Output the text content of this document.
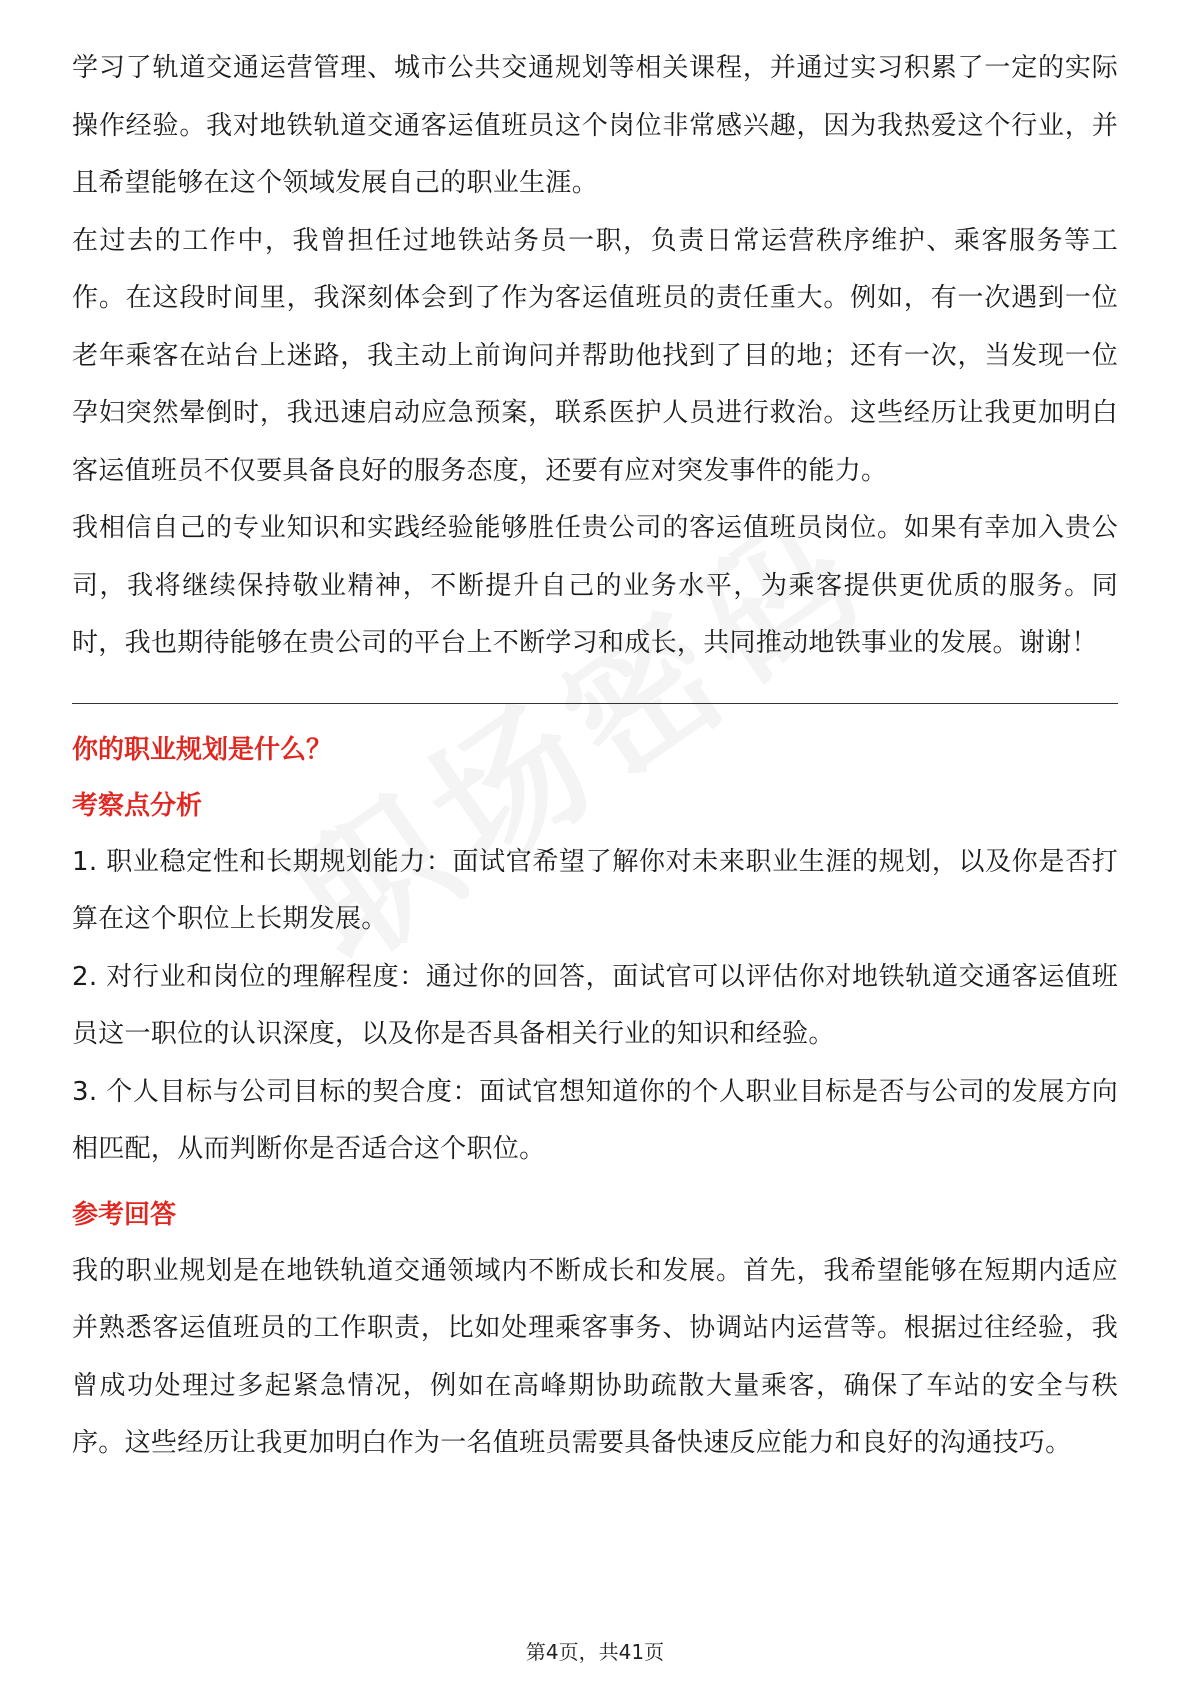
学习了轨道交通运营管理、城市公共交通规划等相关课程，并通过实习积累了一定的实际操作经验。我对地铁轨道交通客运值班员这个岗位非常感兴趣，因为我热爱这个行业，并且希望能够在这个领域发展自己的职业生涯。

在过去的工作中，我曾担任过地铁站务员一职，负责日常运营秩序维护、乘客服务等工作。在这段时间里，我深刻体会到了作为客运值班员的责任重大。例如，有一次遇到一位老年乘客在站台上迷路，我主动上前询问并帮助他找到了目的地；还有一次，当发现一位孕妇突然晕倒时，我迅速启动应急预案，联系医护人员进行救治。这些经历让我更加明白客运值班员不仅要具备良好的服务态度，还要有应对突发事件的能力。

我相信自己的专业知识和实践经验能够胜任贵公司的客运值班员岗位。如果有幸加入贵公司，我将继续保持敬业精神，不断提升自己的业务水平，为乘客提供更优质的服务。同时，我也期待能够在贵公司的平台上不断学习和成长，共同推动地铁事业的发展。谢谢！

你的职业规划是什么？
考察点分析

1. 职业稳定性和长期规划能力：面试官希望了解你对未来职业生涯的规划，以及你是否打算在这个职位上长期发展。

2. 对行业和岗位的理解程度：通过你的回答，面试官可以评估你对地铁轨道交通客运值班员这一职位的认识深度，以及你是否具备相关行业的知识和经验。

3. 个人目标与公司目标的契合度：面试官想知道你的个人职业目标是否与公司的发展方向相匹配，从而判断你是否适合这个职位。

参考回答

我的职业规划是在地铁轨道交通领域内不断成长和发展。首先，我希望能够在短期内适应并熟悉客运值班员的工作职责，比如处理乘客事务、协调站内运营等。根据过往经验，我曾成功处理过多起紧急情况，例如在高峰期协助疏散大量乘客，确保了车站的安全与秩序。这些经历让我更加明白作为一名值班员需要具备快速反应能力和良好的沟通技巧。

第4页，共41页
